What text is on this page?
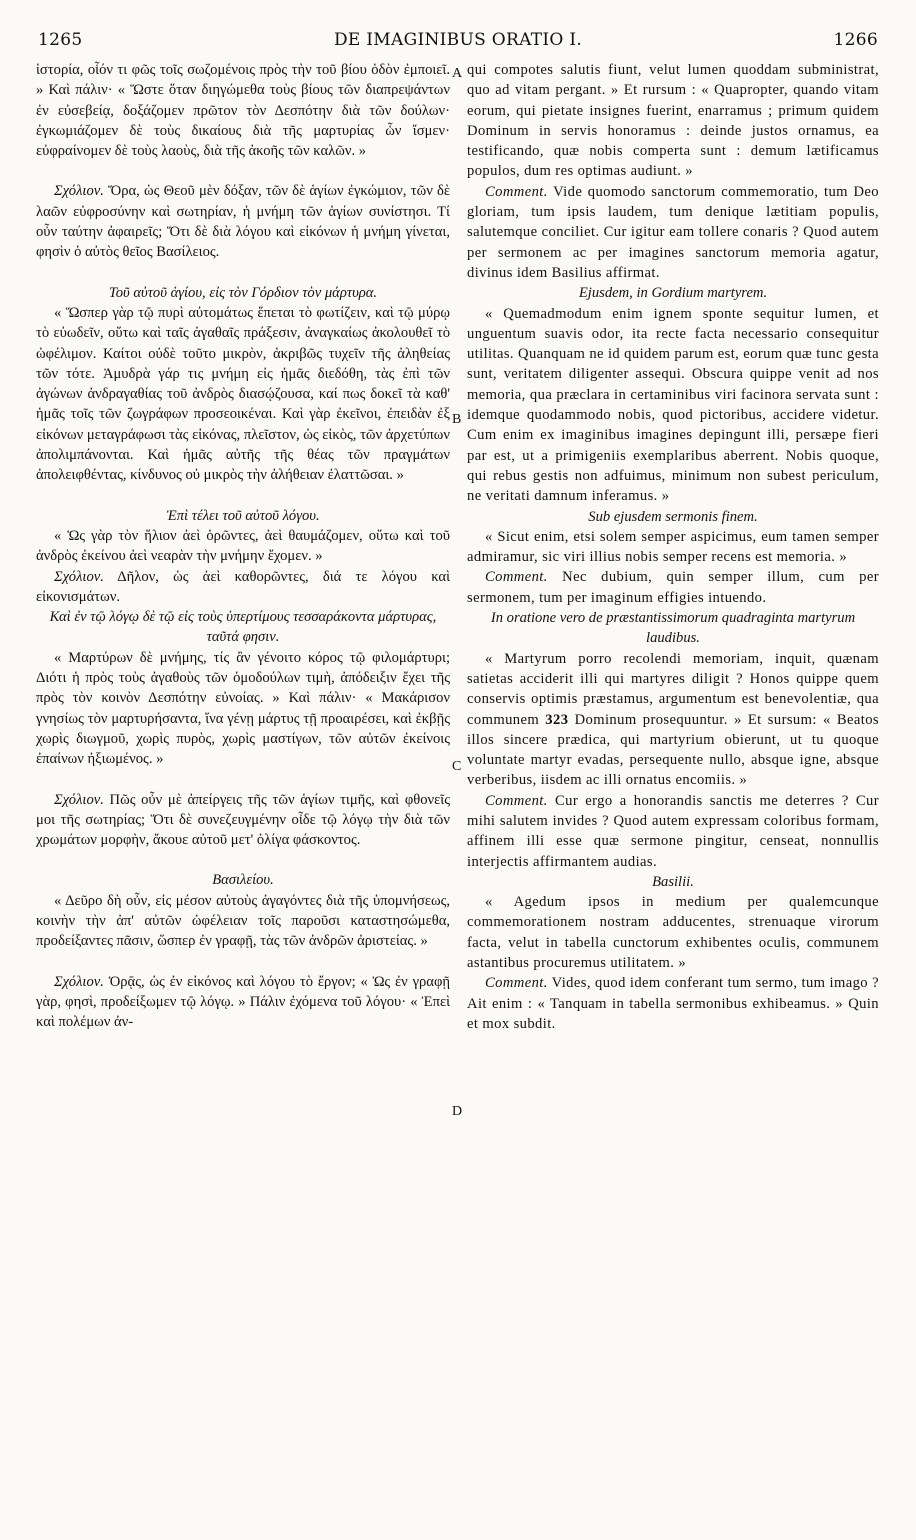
1265	DE IMAGINIBUS ORATIO I.	1266
A
B
C
D

ἱστορία, οἷόν τι φῶς τοῖς σωζομένοις πρὸς τὴν τοῦ βίου ὁδὸν ἐμποιεῖ. » Καὶ πάλιν· « Ὥστε ὅταν διηγώμεθα τοὺς βίους τῶν διαπρεψάντων ἐν εὐσεβείᾳ, δοξάζομεν πρῶτον τὸν Δεσπότην διὰ τῶν δούλων· ἐγκωμιάζομεν δὲ τοὺς δικαίους διὰ τῆς μαρτυρίας ὧν ἴσμεν· εὐφραίνομεν δὲ τοὺς λαοὺς, διὰ τῆς ἀκοῆς τῶν καλῶν. »

Σχόλιον. Ὅρα, ὡς Θεοῦ μὲν δόξαν, τῶν δὲ ἁγίων ἐγκώμιον, τῶν δὲ λαῶν εὐφροσύνην καὶ σωτηρίαν, ἡ μνήμη τῶν ἁγίων συνίστησι. Τί οὖν ταύτην ἀφαιρεῖς; Ὅτι δὲ διὰ λόγου καὶ εἰκόνων ἡ μνήμη γίνεται, φησὶν ὁ αὐτὸς θεῖος Βασίλειος.

Τοῦ αὐτοῦ ἁγίου, εἰς τὸν Γόρδιον τὸν μάρτυρα.

« Ὥσπερ γὰρ τῷ πυρὶ αὐτομάτως ἕπεται τὸ φωτίζειν, καὶ τῷ μύρῳ τὸ εὐωδεῖν, οὕτω καὶ ταῖς ἀγαθαῖς πράξεσιν, ἀναγκαίως ἀκολουθεῖ τὸ ὠφέλιμον. Καίτοι οὐδὲ τοῦτο μικρὸν, ἀκριβῶς τυχεῖν τῆς ἀληθείας τῶν τότε. Ἀμυδρὰ γάρ τις μνήμη εἰς ἡμᾶς διεδόθη, τὰς ἐπὶ τῶν ἀγώνων ἀνδραγαθίας τοῦ ἀνδρὸς διασῴζουσα, καί πως δοκεῖ τὰ καθ' ἡμᾶς τοῖς τῶν ζωγράφων προσεοικέναι. Καὶ γὰρ ἐκεῖνοι, ἐπειδὰν ἐξ εἰκόνων μεταγράφωσι τὰς εἰκόνας, πλεῖστον, ὡς εἰκὸς, τῶν ἀρχετύπων ἀπολιμπάνονται. Καὶ ἡμᾶς αὐτῆς τῆς θέας τῶν πραγμάτων ἀπολειφθέντας, κίνδυνος οὐ μικρὸς τὴν ἀλήθειαν ἐλαττῶσαι. »

Ἐπὶ τέλει τοῦ αὐτοῦ λόγου.

« Ὡς γὰρ τὸν ἥλιον ἀεὶ ὁρῶντες, ἀεὶ θαυμάζομεν, οὕτω καὶ τοῦ ἀνδρὸς ἐκείνου ἀεὶ νεαρὰν τὴν μνήμην ἔχομεν. »

Σχόλιον. Δῆλον, ὡς ἀεὶ καθορῶντες, διά τε λόγου καὶ εἰκονισμάτων.

Καὶ ἐν τῷ λόγῳ δὲ τῷ εἰς τοὺς ὑπερτίμους τεσσαράκοντα μάρτυρας, ταῦτά φησιν.

« Μαρτύρων δὲ μνήμης, τίς ἂν γένοιτο κόρος τῷ φιλομάρτυρι; Διότι ἡ πρὸς τοὺς ἀγαθοὺς τῶν ὁμοδούλων τιμὴ, ἀπόδειξιν ἔχει τῆς πρὸς τὸν κοινὸν Δεσπότην εὐνοίας. » Καὶ πάλιν· « Μακάρισον γνησίως τὸν μαρτυρήσαντα, ἵνα γένῃ μάρτυς τῇ προαιρέσει, καὶ ἐκβῇς χωρὶς διωγμοῦ, χωρὶς πυρὸς, χωρὶς μαστίγων, τῶν αὐτῶν ἐκείνοις ἐπαίνων ἠξιωμένος. »

Σχόλιον. Πῶς οὖν μὲ ἀπείργεις τῆς τῶν ἁγίων τιμῆς, καὶ φθονεῖς μοι τῆς σωτηρίας; Ὅτι δὲ συνεζευγμένην οἶδε τῷ λόγῳ τὴν διὰ τῶν χρωμάτων μορφὴν, ἄκουε αὐτοῦ μετ' ὀλίγα φάσκοντος.

Βασιλείου.

« Δεῦρο δὴ οὖν, εἰς μέσον αὐτοὺς ἀγαγόντες διὰ τῆς ὑπομνήσεως, κοινὴν τὴν ἀπ' αὐτῶν ὠφέλειαν τοῖς παροῦσι καταστησώμεθα, προδείξαντες πᾶσιν, ὥσπερ ἐν γραφῇ, τὰς τῶν ἀνδρῶν ἀριστείας. »

Σχόλιον. Ὁρᾷς, ὡς ἐν εἰκόνος καὶ λόγου τὸ ἔργον; « Ὡς ἐν γραφῇ γὰρ, φησὶ, προδείξωμεν τῷ λόγῳ. » Πάλιν ἐχόμενα τοῦ λόγου· « Ἐπεὶ καὶ πολέμων ἀν-

qui compotes salutis fiunt, velut lumen quoddam subministrat, quo ad vitam pergant. » Et rursum : « Quapropter, quando vitam eorum, qui pietate insignes fuerint, enarramus ; primum quidem Dominum in servis honoramus : deinde justos ornamus, ea testificando, quæ nobis comperta sunt : demum lætificamus populos, dum res optimas audiunt. »

Comment. Vide quomodo sanctorum commemoratio, tum Deo gloriam, tum ipsis laudem, tum denique lætitiam populis, salutemque conciliet. Cur igitur eam tollere conaris ? Quod autem per sermonem ac per imagines sanctorum memoria agatur, divinus idem Basilius affirmat.

Ejusdem, in Gordium martyrem.

« Quemadmodum enim ignem sponte sequitur lumen, et unguentum suavis odor, ita recte facta necessario consequitur utilitas. Quanquam ne id quidem parum est, eorum quæ tunc gesta sunt, veritatem diligenter assequi. Obscura quippe venit ad nos memoria, qua præclara in certaminibus viri facinora servata sunt : idemque quodammodo nobis, quod pictoribus, accidere videtur. Cum enim ex imaginibus imagines depingunt illi, persæpe fieri par est, ut a primigeniis exemplaribus aberrent. Nobis quoque, qui rebus gestis non adfuimus, minimum non subest periculum, ne veritati damnum inferamus. »

Sub ejusdem sermonis finem.

« Sicut enim, etsi solem semper aspicimus, eum tamen semper admiramur, sic viri illius nobis semper recens est memoria. »

Comment. Nec dubium, quin semper illum, cum per sermonem, tum per imaginum effigies intuendo.

In oratione vero de præstantissimorum quadraginta martyrum laudibus.

« Martyrum porro recolendi memoriam, inquit, quænam satietas acciderit illi qui martyres diligit ? Honos quippe quem conservis optimis præstamus, argumentum est benevolentiæ, qua communem 323 Dominum prosequuntur. » Et sursum: « Beatos illos sincere prædica, qui martyrium obierunt, ut tu quoque voluntate martyr evadas, persequente nullo, absque igne, absque verberibus, iisdem ac illi ornatus encomiis. »

Comment. Cur ergo a honorandis sanctis me deterres ? Cur mihi salutem invides ? Quod autem expressam coloribus formam, affinem illi esse quæ sermone pingitur, censeat, nonnullis interjectis affirmantem audias.

Basilii.

« Agedum ipsos in medium per qualemcunque commemorationem nostram adducentes, strenuaque virorum facta, velut in tabella cunctorum exhibentes oculis, communem astantibus procuremus utilitatem. »

Comment. Vides, quod idem conferant tum sermo, tum imago ? Ait enim : « Tanquam in tabella sermonibus exhibeamus. » Quin et mox subdit.
